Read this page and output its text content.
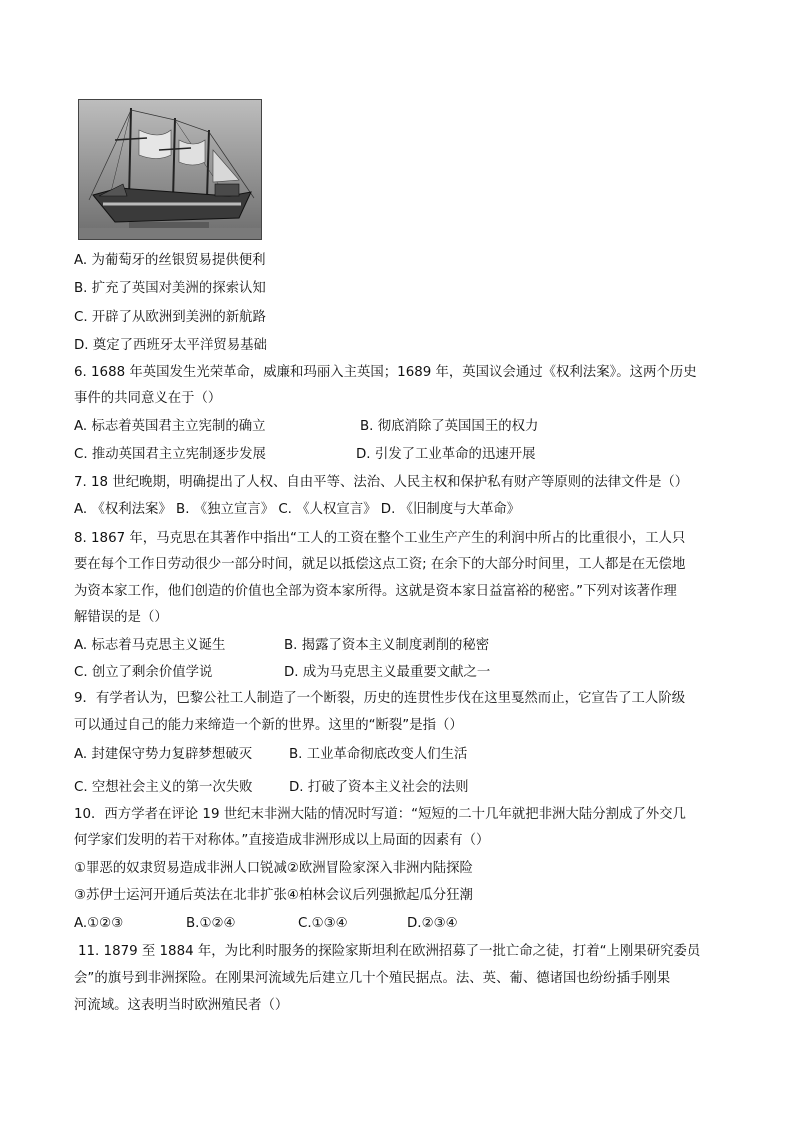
A. 为葡萄牙的丝银贸易提供便利
B. 扩充了英国对美洲的探索认知
C. 开辟了从欧洲到美洲的新航路
D. 奠定了西班牙太平洋贸易基础
6. 1688 年英国发生光荣革命，威廉和玛丽入主英国；1689 年，英国议会通过《权利法案》。这两个历史
事件的共同意义在于（）
A. 标志着英国君主立宪制的确立	B. 彻底消除了英国国王的权力
C. 推动英国君主立宪制逐步发展	D. 引发了工业革命的迅速开展
7. 18 世纪晚期，明确提出了人权、自由平等、法治、人民主权和保护私有财产等原则的法律文件是（）
A. 《权利法案》 B. 《独立宣言》 C. 《人权宣言》 D. 《旧制度与大革命》
8. 1867 年，马克思在其著作中指出“工人的工资在整个工业生产产生的利润中所占的比重很小，工人只
要在每个工作日劳动很少一部分时间，就足以抵偿这点工资; 在余下的大部分时间里，工人都是在无偿地
为资本家工作，他们创造的价值也全部为资本家所得。这就是资本家日益富裕的秘密。”下列对该著作理
解错误的是（）
A. 标志着马克思主义诞生	B. 揭露了资本主义制度剥削的秘密
C. 创立了剩余价值学说	D. 成为马克思主义最重要文献之一
9．有学者认为，巴黎公社工人制造了一个断裂，历史的连贯性步伐在这里戛然而止，它宣告了工人阶级
可以通过自己的能力来缔造一个新的世界。这里的“断裂”是指（）
A. 封建保守势力复辟梦想破灭	B. 工业革命彻底改变人们生活
C. 空想社会主义的第一次失败	D. 打破了资本主义社会的法则
10．西方学者在评论 19 世纪末非洲大陆的情况时写道：“短短的二十几年就把非洲大陆分割成了外交几
何学家们发明的若干对称体。”直接造成非洲形成以上局面的因素有（）
①罪恶的奴隶贸易造成非洲人口锐减②欧洲冒险家深入非洲内陆探险
③苏伊士运河开通后英法在北非扩张④柏林会议后列强掀起瓜分狂潮
A.①②③	B.①②④	C.①③④	D.②③④
11. 1879 至 1884 年，为比利时服务的探险家斯坦利在欧洲招募了一批亡命之徒，打着“上刚果研究委员
会”的旗号到非洲探险。在刚果河流域先后建立几十个殖民据点。法、英、葡、德诸国也纷纷插手刚果
河流域。这表明当时欧洲殖民者（）
